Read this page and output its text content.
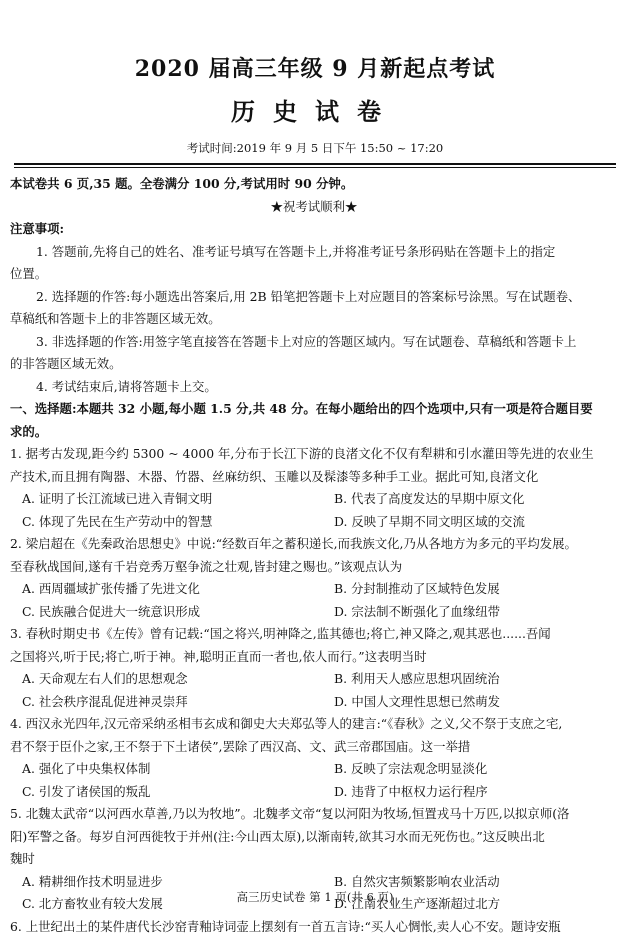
2020 届高三年级 9 月新起点考试
历史试卷
考试时间:2019 年 9 月 5 日下午 15:50 ~ 17:20
本试卷共 6 页,35 题。全卷满分 100 分,考试用时 90 分钟。
★祝考试顺利★
注意事项:
1. 答题前,先将自己的姓名、准考证号填写在答题卡上,并将准考证号条形码贴在答题卡上的指定
位置。
2. 选择题的作答:每小题选出答案后,用 2B 铅笔把答题卡上对应题目的答案标号涂黑。写在试题卷、
草稿纸和答题卡上的非答题区域无效。
3. 非选择题的作答:用签字笔直接答在答题卡上对应的答题区域内。写在试题卷、草稿纸和答题卡上
的非答题区域无效。
4. 考试结束后,请将答题卡上交。
一、选择题:本题共 32 小题,每小题 1.5 分,共 48 分。在每小题给出的四个选项中,只有一项是符合题目要
求的。
1. 据考古发现,距今约 5300 ~ 4000 年,分布于长江下游的良渚文化不仅有犁耕和引水灌田等先进的农业生
产技术,而且拥有陶器、木器、竹器、丝麻纺织、玉雕以及髹漆等多种手工业。据此可知,良渚文化
A. 证明了长江流域已进入青铜文明	B. 代表了高度发达的早期中原文化
C. 体现了先民在生产劳动中的智慧	D. 反映了早期不同文明区域的交流
2. 梁启超在《先秦政治思想史》中说:“经数百年之蓄积递长,而我族文化,乃从各地方为多元的平均发展。
至春秋战国间,遂有千岩竞秀万壑争流之壮观,皆封建之赐也。”该观点认为
A. 西周疆域扩张传播了先进文化	B. 分封制推动了区域特色发展
C. 民族融合促进大一统意识形成	D. 宗法制不断强化了血缘纽带
3. 春秋时期史书《左传》曾有记载:“国之将兴,明神降之,监其德也;将亡,神又降之,观其恶也......吾闻
之国将兴,听于民;将亡,听于神。神,聪明正直而一者也,依人而行。”这表明当时
A. 天命观左右人们的思想观念	B. 利用天人感应思想巩固统治
C. 社会秩序混乱促进神灵崇拜	D. 中国人文理性思想已然萌发
4. 西汉永光四年,汉元帝采纳丞相韦玄成和御史大夫郑弘等人的建言:“《春秋》之义,父不祭于支庶之宅,
君不祭于臣仆之家,王不祭于下土诸侯”,罢除了西汉高、文、武三帝郡国庙。这一举措
A. 强化了中央集权体制	B. 反映了宗法观念明显淡化
C. 引发了诸侯国的叛乱	D. 违背了中枢权力运行程序
5. 北魏太武帝“以河西水草善,乃以为牧地”。北魏孝文帝“复以河阳为牧场,恒置戎马十万匹,以拟京师(洛
阳)军警之备。每岁自河西徙牧于并州(注:今山西太原),以渐南转,欲其习水而无死伤也。”这反映出北
魏时
A. 精耕细作技术明显进步	B. 自然灾害频繁影响农业活动
C. 北方畜牧业有较大发展	D. 江南农业生产逐渐超过北方
6. 上世纪出土的某件唐代长沙窑青釉诗词壶上摆刻有一首五言诗:“买人心惆怅,卖人心不安。题诗安瓶
高三历史试卷 第 1 页(共 6 页)
